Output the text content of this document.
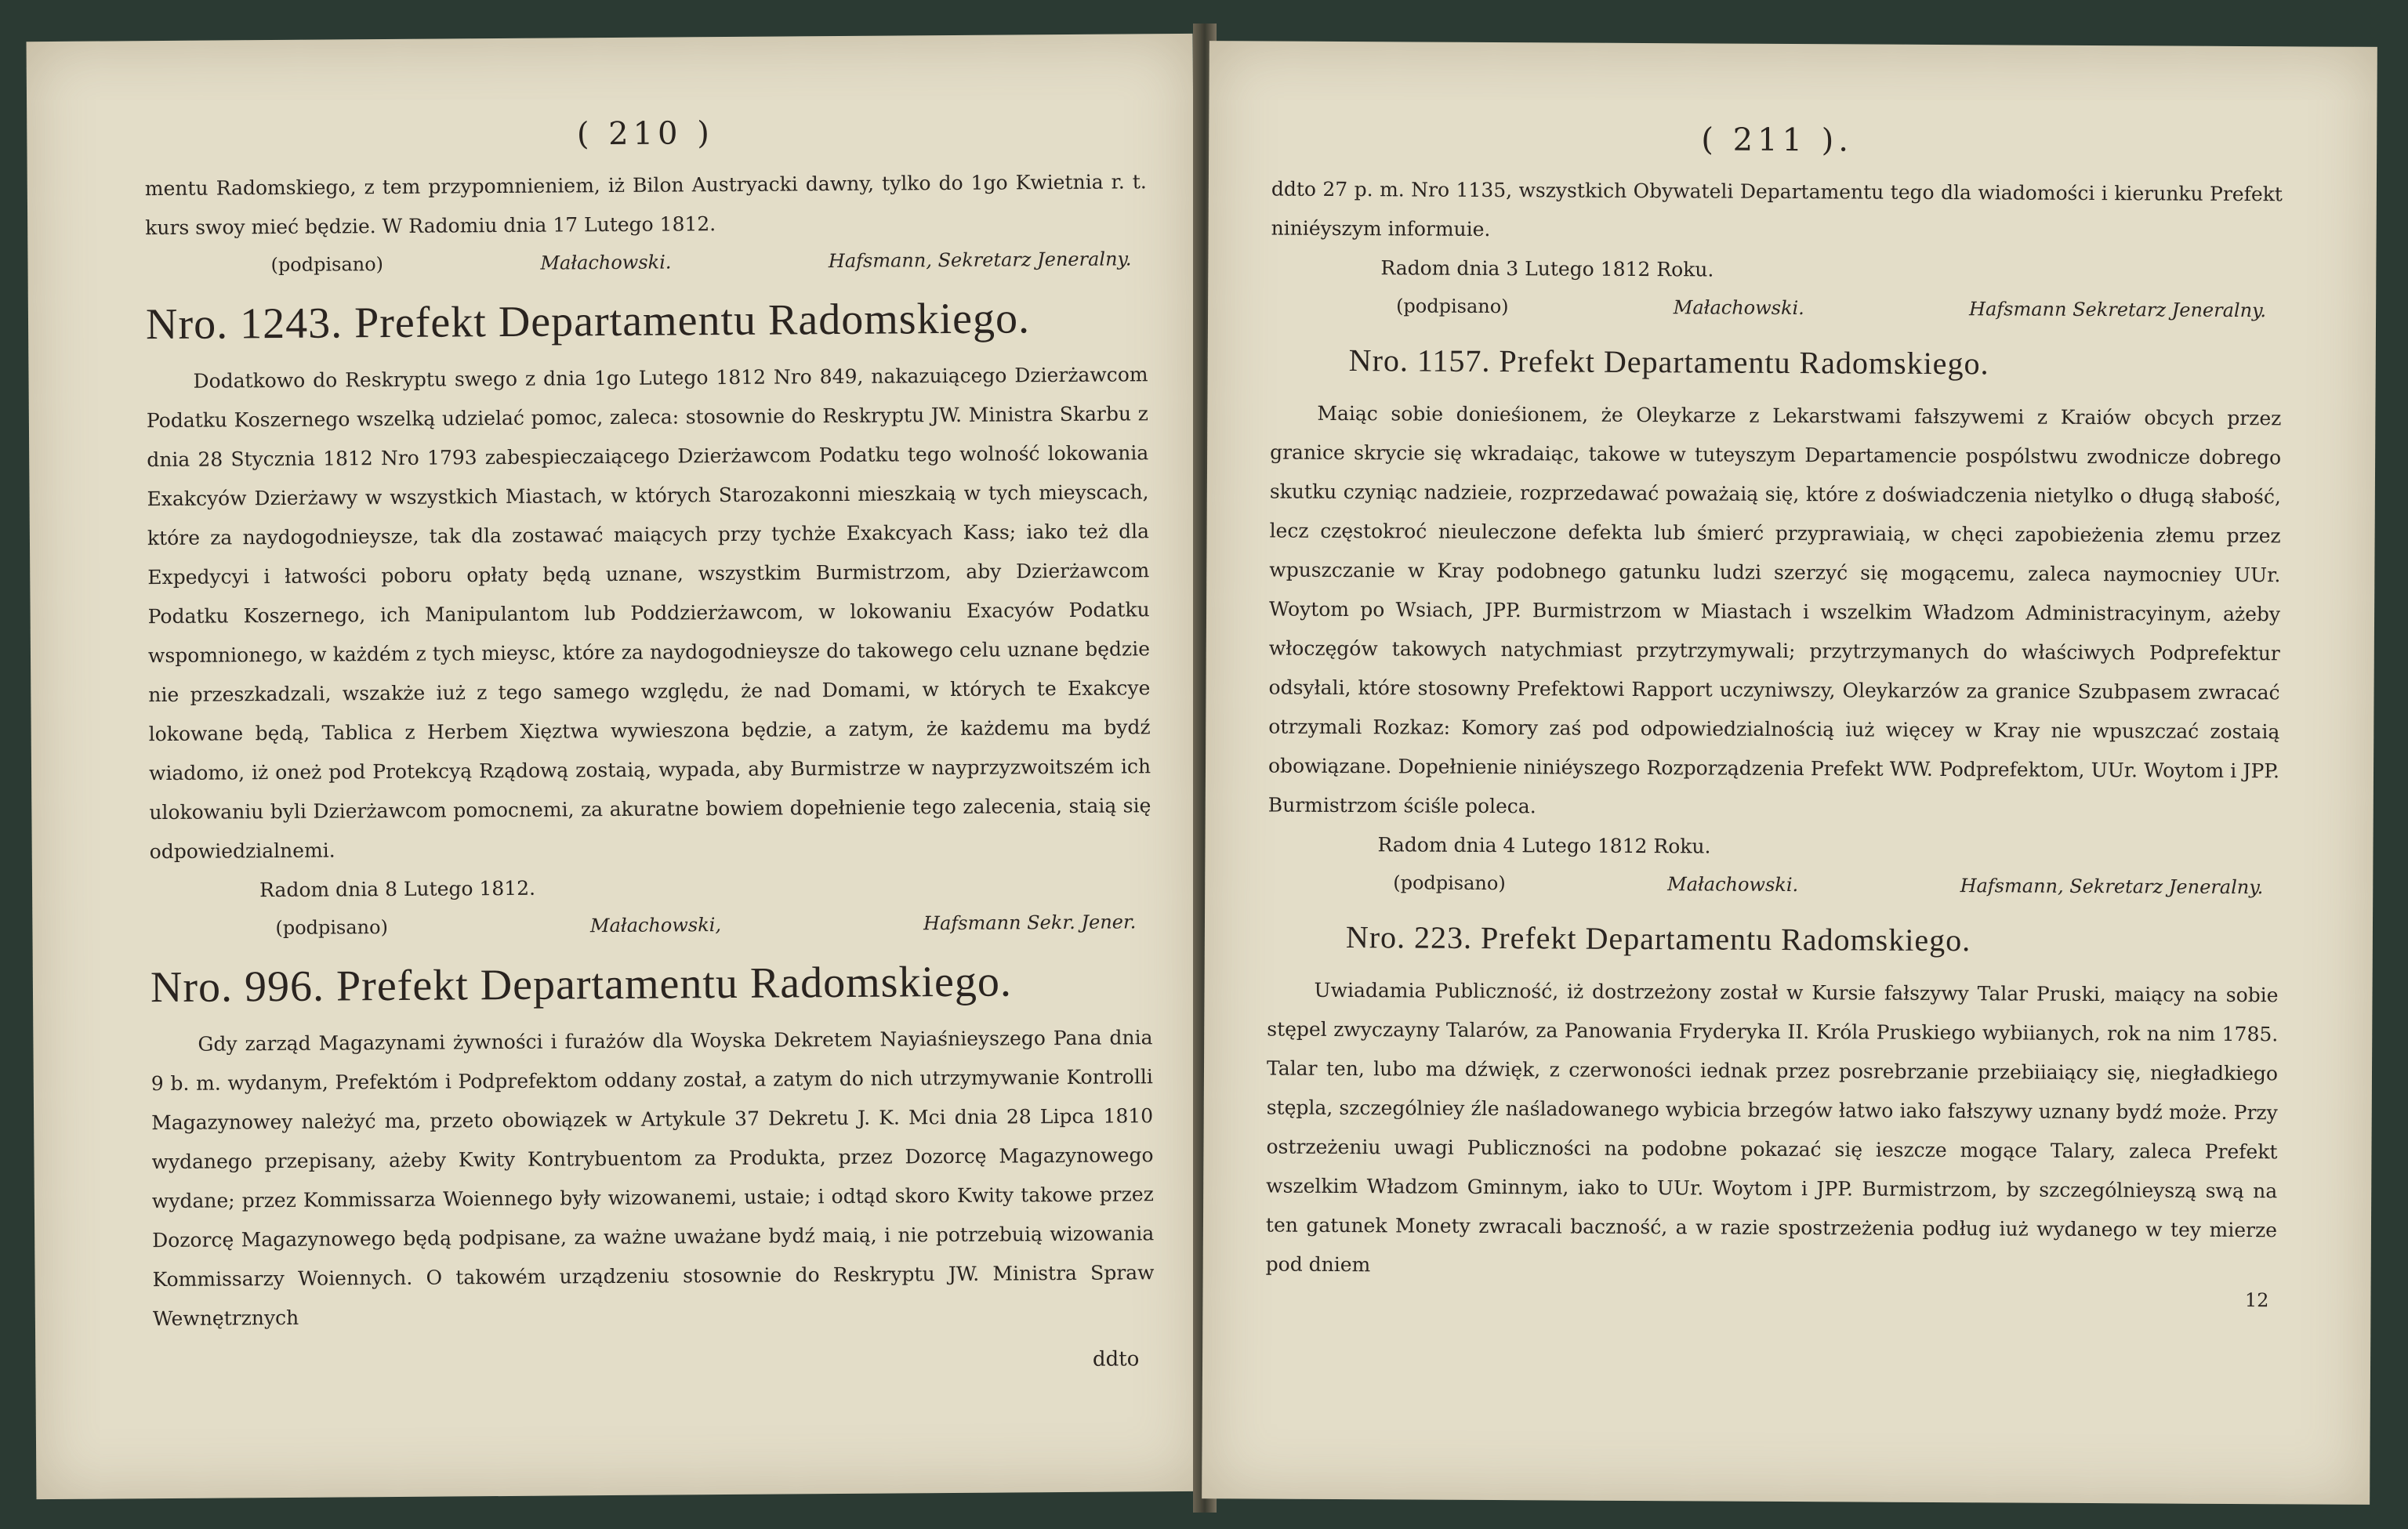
( 210 )

mentu Radomskiego, z tem przypomnieniem, iż Bilon Austryacki dawny, tylko do 1go Kwietnia r. t. kurs swoy mieć będzie. W Radomiu dnia 17 Lutego 1812.

(podpisano)	Małachowski.	Hafsmann, Sekretarz Jeneralny.
Nro. 1243. Prefekt Departamentu Radomskiego.

Dodatkowo do Reskryptu swego z dnia 1go Lutego 1812 Nro 849, nakazuiącego Dzierżawcom Podatku Koszernego wszelką udzielać pomoc, zaleca: stosownie do Reskryptu JW. Ministra Skarbu z dnia 28 Stycznia 1812 Nro 1793 zabespieczaiącego Dzierżawcom Podatku tego wolność lokowania Exakcyów Dzierżawy w wszystkich Miastach, w których Starozakonni mieszkaią w tych mieyscach, które za naydogodnieysze, tak dla zostawać maiących przy tychże Exakcyach Kass; iako też dla Expedycyi i łatwości poboru opłaty będą uznane, wszystkim Burmistrzom, aby Dzierżawcom Podatku Koszernego, ich Manipulantom lub Poddzierżawcom, w lokowaniu Exacyów Podatku wspomnionego, w każdém z tych mieysc, które za naydogodnieysze do takowego celu uznane będzie nie przeszkadzali, wszakże iuż z tego samego względu, że nad Domami, w których te Exakcye lokowane będą, Tablica z Herbem Xięztwa wywieszona będzie, a zatym, że każdemu ma bydź wiadomo, iż oneż pod Protekcyą Rządową zostaią, wypada, aby Burmistrze w nayprzyzwoitszém ich ulokowaniu byli Dzierżawcom pomocnemi, za akuratne bowiem dopełnienie tego zalecenia, staią się odpowiedzialnemi.

Radom dnia 8 Lutego 1812.
(podpisano)	Małachowski,	Hafsmann Sekr. Jener.
Nro. 996. Prefekt Departamentu Radomskiego.

Gdy zarząd Magazynami żywności i furażów dla Woyska Dekretem Nayiaśnieyszego Pana dnia 9 b. m. wydanym, Prefektóm i Podprefektom oddany został, a zatym do nich utrzymywanie Kontrolli Magazynowey należyć ma, przeto obowiązek w Artykule 37 Dekretu J. K. Mci dnia 28 Lipca 1810 wydanego przepisany, ażeby Kwity Kontrybuentom za Produkta, przez Dozorcę Magazynowego wydane; przez Kommissarza Woiennego były wizowanemi, ustaie; i odtąd skoro Kwity takowe przez Dozorcę Magazynowego będą podpisane, za ważne uważane bydź maią, i nie potrzebuią wizowania Kommissarzy Woiennych. O takowém urządzeniu stosownie do Reskryptu JW. Ministra Spraw Wewnętrznych

ddto
( 211 ).

ddto 27 p. m. Nro 1135, wszystkich Obywateli Departamentu tego dla wiadomości i kierunku Prefekt niniéyszym informuie.

Radom dnia 3 Lutego 1812 Roku.
(podpisano)	Małachowski.	Hafsmann Sekretarz Jeneralny.
Nro. 1157. Prefekt Departamentu Radomskiego.

Maiąc sobie donieśionem, że Oleykarze z Lekarstwami fałszywemi z Kraiów obcych przez granice skrycie się wkradaiąc, takowe w tuteyszym Departamencie pospólstwu zwodnicze dobrego skutku czyniąc nadzieie, rozprzedawać poważaią się, które z doświadczenia nietylko o długą słabość, lecz częstokroć nieuleczone defekta lub śmierć przyprawiaią, w chęci zapobieżenia złemu przez wpuszczanie w Kray podobnego gatunku ludzi szerzyć się mogącemu, zaleca naymocniey UUr. Woytom po Wsiach, JPP. Burmistrzom w Miastach i wszelkim Władzom Administracyinym, ażeby włoczęgów takowych natychmiast przytrzymywali; przytrzymanych do właściwych Podprefektur odsyłali, które stosowny Prefektowi Rapport uczyniwszy, Oleykarzów za granice Szubpasem zwracać otrzymali Rozkaz: Komory zaś pod odpowiedzialnością iuż więcey w Kray nie wpuszczać zostaią obowiązane. Dopełnienie niniéyszego Rozporządzenia Prefekt WW. Podprefektom, UUr. Woytom i JPP. Burmistrzom ściśle poleca.

Radom dnia 4 Lutego 1812 Roku.
(podpisano)	Małachowski.	Hafsmann, Sekretarz Jeneralny.
Nro. 223. Prefekt Departamentu Radomskiego.

Uwiadamia Publiczność, iż dostrzeżony został w Kursie fałszywy Talar Pruski, maiący na sobie stępel zwyczayny Talarów, za Panowania Fryderyka II. Króla Pruskiego wybiianych, rok na nim 1785. Talar ten, lubo ma dźwięk, z czerwoności iednak przez posrebrzanie przebiiaiący się, niegładkiego stępla, szczególniey źle naśladowanego wybicia brzegów łatwo iako fałszywy uznany bydź może. Przy ostrzeżeniu uwagi Publiczności na podobne pokazać się ieszcze mogące Talary, zaleca Prefekt wszelkim Władzom Gminnym, iako to UUr. Woytom i JPP. Burmistrzom, by szczególnieyszą swą na ten gatunek Monety zwracali baczność, a w razie spostrzeżenia podług iuż wydanego w tey mierze pod dniem

12
